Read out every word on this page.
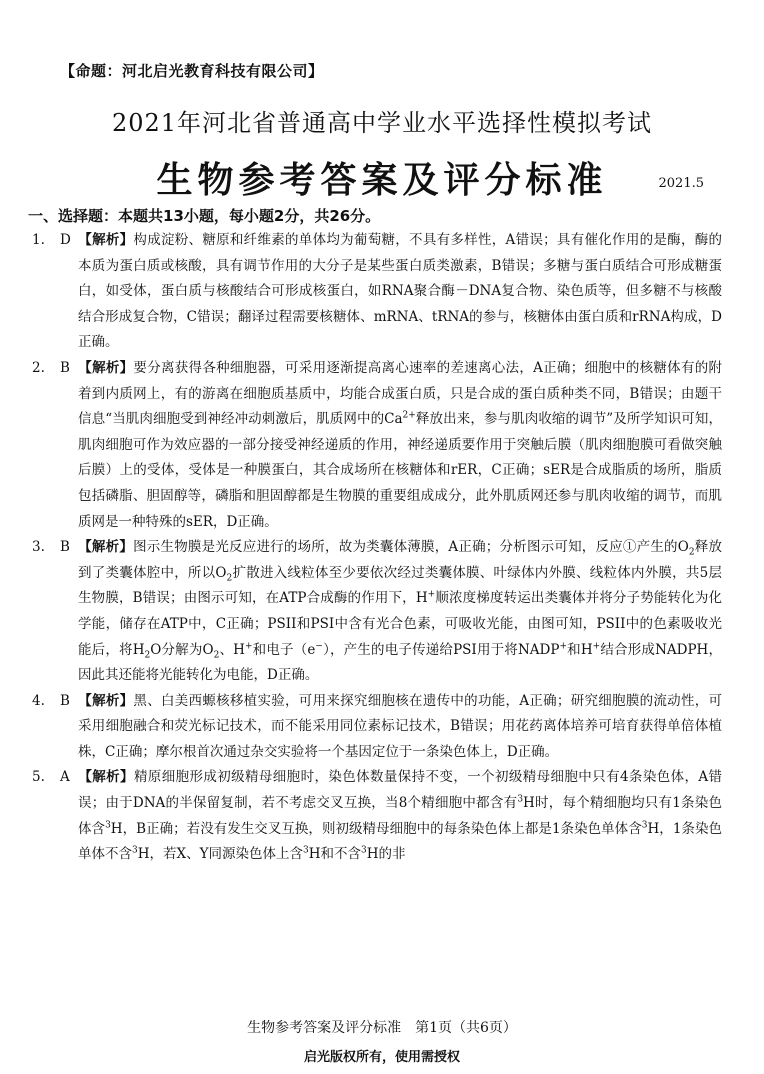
【命题：河北启光教育科技有限公司】
2021年河北省普通高中学业水平选择性模拟考试
生物参考答案及评分标准	2021.5
一、选择题：本题共13小题，每小题2分，共26分。

1. D 【解析】构成淀粉、糖原和纤维素的单体均为葡萄糖，不具有多样性，A错误；具有催化作用的是酶，酶的本质为蛋白质或核酸，具有调节作用的大分子是某些蛋白质类激素，B错误；多糖与蛋白质结合可形成糖蛋白，如受体，蛋白质与核酸结合可形成核蛋白，如RNA聚合酶－DNA复合物、染色质等，但多糖不与核酸结合形成复合物，C错误；翻译过程需要核糖体、mRNA、tRNA的参与，核糖体由蛋白质和rRNA构成，D正确。

2. B 【解析】要分离获得各种细胞器，可采用逐渐提高离心速率的差速离心法，A正确；细胞中的核糖体有的附着到内质网上，有的游离在细胞质基质中，均能合成蛋白质，只是合成的蛋白质种类不同，B错误；由题干信息“当肌肉细胞受到神经冲动刺激后，肌质网中的$Ca^{2+}$释放出来，参与肌肉收缩的调节”及所学知识可知，肌肉细胞可作为效应器的一部分接受神经递质的作用，神经递质要作用于突触后膜（肌肉细胞膜可看做突触后膜）上的受体，受体是一种膜蛋白，其合成场所在核糖体和rER，C正确；sER是合成脂质的场所，脂质包括磷脂、胆固醇等，磷脂和胆固醇都是生物膜的重要组成成分，此外肌质网还参与肌肉收缩的调节，而肌质网是一种特殊的sER，D正确。

3. B 【解析】图示生物膜是光反应进行的场所，故为类囊体薄膜，A正确；分析图示可知，反应①产生的$O_2$释放到了类囊体腔中，所以$O_2$扩散进入线粒体至少要依次经过类囊体膜、叶绿体内外膜、线粒体内外膜，共5层生物膜，B错误；由图示可知，在ATP合成酶的作用下，H+顺浓度梯度转运出类囊体并将分子势能转化为化学能，储存在ATP中，C正确；PSII和PSI中含有光合色素，可吸收光能，由图可知，PSII中的色素吸收光能后，将$H_2O$分解为$O_2$、H+和电子（e−），产生的电子传递给PSI用于将NADP+和H+结合形成NADPH，因此其还能将光能转化为电能，D正确。

4. B 【解析】黑、白美西螈核移植实验，可用来探究细胞核在遗传中的功能，A正确；研究细胞膜的流动性，可采用细胞融合和荧光标记技术，而不能采用同位素标记技术，B错误；用花药离体培养可培育获得单倍体植株，C正确；摩尔根首次通过杂交实验将一个基因定位于一条染色体上，D正确。

5. A 【解析】精原细胞形成初级精母细胞时，染色体数量保持不变，一个初级精母细胞中只有4条染色体，A错误；由于DNA的半保留复制，若不考虑交叉互换，当8个精细胞中都含有$^3$H时，每个精细胞均只有1条染色体含$^3$H，B正确；若没有发生交叉互换，则初级精母细胞中的每条染色体上都是1条染色单体含$^3$H，1条染色单体不含$^3$H，若X、Y同源染色体上含$^3$H和不含$^3$H的非

生物参考答案及评分标准　第1页（共6页）
启光版权所有，使用需授权
